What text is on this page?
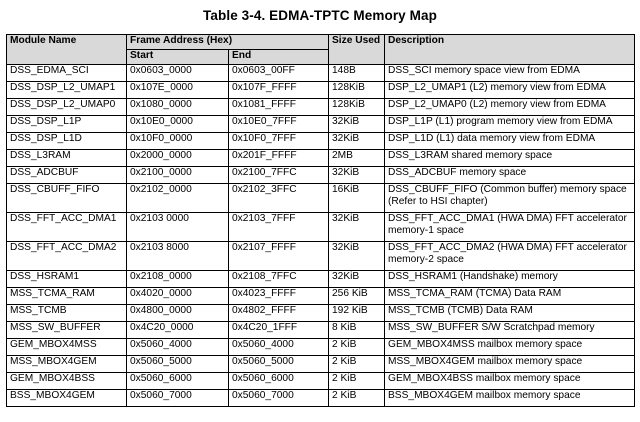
Table 3-4. EDMA-TPTC Memory Map
Module Name	Frame Address (Hex)		Size Used	Description
	Start	End		
DSS_EDMA_SCI	0x0603_0000	0x0603_00FF	148B	DSS_SCI memory space view from EDMA
DSS_DSP_L2_UMAP1	0x107E_0000	0x107F_FFFF	128KiB	DSP_L2_UMAP1 (L2) memory view from EDMA
DSS_DSP_L2_UMAP0	0x1080_0000	0x1081_FFFF	128KiB	DSP_L2_UMAP0 (L2) memory view from EDMA
DSS_DSP_L1P	0x10E0_0000	0x10E0_7FFF	32KiB	DSP_L1P (L1) program memory view from EDMA
DSS_DSP_L1D	0x10F0_0000	0x10F0_7FFF	32KiB	DSP_L1D (L1) data memory view from EDMA
DSS_L3RAM	0x2000_0000	0x201F_FFFF	2MB	DSS_L3RAM shared memory space
DSS_ADCBUF	0x2100_0000	0x2100_7FFC	32KiB	DSS_ADCBUF memory space
DSS_CBUFF_FIFO	0x2102_0000	0x2102_3FFC	16KiB	DSS_CBUFF_FIFO (Common buffer) memory space (Refer to HSI chapter)
DSS_FFT_ACC_DMA1	0x2103 0000	0x2103_7FFF	32KiB	DSS_FFT_ACC_DMA1 (HWA DMA) FFT accelerator memory-1 space
DSS_FFT_ACC_DMA2	0x2103 8000	0x2107_FFFF	32KiB	DSS_FFT_ACC_DMA2 (HWA DMA) FFT accelerator memory-2 space
DSS_HSRAM1	0x2108_0000	0x2108_7FFC	32KiB	DSS_HSRAM1 (Handshake) memory
MSS_TCMA_RAM	0x4020_0000	0x4023_FFFF	256 KiB	MSS_TCMA_RAM (TCMA) Data RAM
MSS_TCMB	0x4800_0000	0x4802_FFFF	192 KiB	MSS_TCMB (TCMB) Data RAM
MSS_SW_BUFFER	0x4C20_0000	0x4C20_1FFF	8 KiB	MSS_SW_BUFFER S/W Scratchpad memory
GEM_MBOX4MSS	0x5060_4000	0x5060_4000	2 KiB	GEM_MBOX4MSS mailbox memory space
MSS_MBOX4GEM	0x5060_5000	0x5060_5000	2 KiB	MSS_MBOX4GEM mailbox memory space
GEM_MBOX4BSS	0x5060_6000	0x5060_6000	2 KiB	GEM_MBOX4BSS mailbox memory space
BSS_MBOX4GEM	0x5060_7000	0x5060_7000	2 KiB	BSS_MBOX4GEM mailbox memory space
